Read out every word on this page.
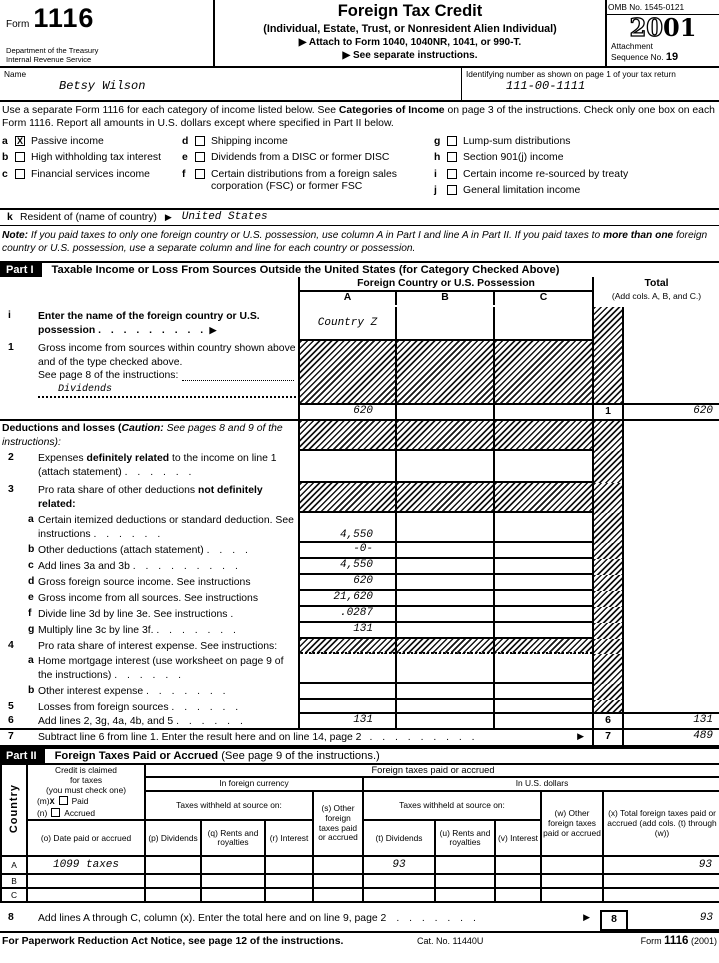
Form 1116
Department of the Treasury
Internal Revenue Service
Foreign Tax Credit
(Individual, Estate, Trust, or Nonresident Alien Individual)
▶ Attach to Form 1040, 1040NR, 1041, or 990-T.
▶ See separate instructions.
OMB No. 1545-0121
2001
Attachment
Sequence No. 19
Name
Betsy Wilson
Identifying number as shown on page 1 of your tax return
111-00-1111
Use a separate Form 1116 for each category of income listed below. See Categories of Income on page 3 of the instructions. Check only one box on each Form 1116. Report all amounts in U.S. dollars except where specified in Part II below.
a	X Passive income
b	High withholding tax interest
c	Financial services income
d	Shipping income
e	Dividends from a DISC or former DISC
f	Certain distributions from a foreign sales corporation (FSC) or former FSC
g	Lump-sum distributions
h	Section 901(j) income
i	Certain income re-sourced by treaty
j	General limitation income
k Resident of (name of country) ▶ United States
Note: If you paid taxes to only one foreign country or U.S. possession, use column A in Part I and line A in Part II. If you paid taxes to more than one foreign country or U.S. possession, use a separate column and line for each country or possession.
Part I	Taxable Income or Loss From Sources Outside the United States (for Category Checked Above)
Foreign Country or U.S. Possession
A	B	C
Total
(Add cols. A, B, and C.)
i	Enter the name of the foreign country or U.S. possession . . . . . . . . . ▶
1	Gross income from sources within country shown above and of the type checked above.
See page 8 of the instructions:
Dividends
Country Z
620	1	620
Deductions and losses (Caution: See pages 8 and 9 of the instructions):
2	Expenses definitely related to the income on line 1 (attach statement) . . . . . .
3	Pro rata share of other deductions not definitely related:
a Certain itemized deductions or standard deduction. See instructions . . . . . .	4,550
b Other deductions (attach statement) . . . .	-0-
c Add lines 3a and 3b . . . . . . . . .	4,550
d Gross foreign source income. See instructions	620
e Gross income from all sources. See instructions	21,620
f Divide line 3d by line 3e. See instructions .	.0287
g Multiply line 3c by line 3f. . . . . . . .	131
4	Pro rata share of interest expense. See instructions:
a Home mortgage interest (use worksheet on page 9 of the instructions) . . . . . .
b Other interest expense . . . . . . .
5	Losses from foreign sources . . . . . .
6	Add lines 2, 3g, 4a, 4b, and 5 . . . . . .	131	6	131
7	Subtract line 6 from line 1. Enter the result here and on line 14, page 2 . . . . . . . . .	▶	7	489
Part II	Foreign Taxes Paid or Accrued (See page 9 of the instructions.)
Country	Credit is claimed
for taxes
(you must check one)
(m)X Paid
(n) Accrued	Foreign taxes paid or accrued								
		In foreign currency				In U.S. dollars				
		Taxes withheld at source on:			(s) Other foreign taxes paid or accrued	Taxes withheld at source on:			(w) Other foreign taxes paid or accrued	(x) Total foreign taxes paid or accrued (add cols. (t) through (w))
	(o) Date paid or accrued	(p) Dividends	(q) Rents and royalties	(r) Interest		(t) Dividends	(u) Rents and royalties	(v) Interest		
A	1099 taxes					93				93
B										
C										
8	Add lines A through C, column (x). Enter the total here and on line 9, page 2 . . . . . . .	▶	8	93
For Paperwork Reduction Act Notice, see page 12 of the instructions.	Cat. No. 11440U	Form 1116 (2001)
